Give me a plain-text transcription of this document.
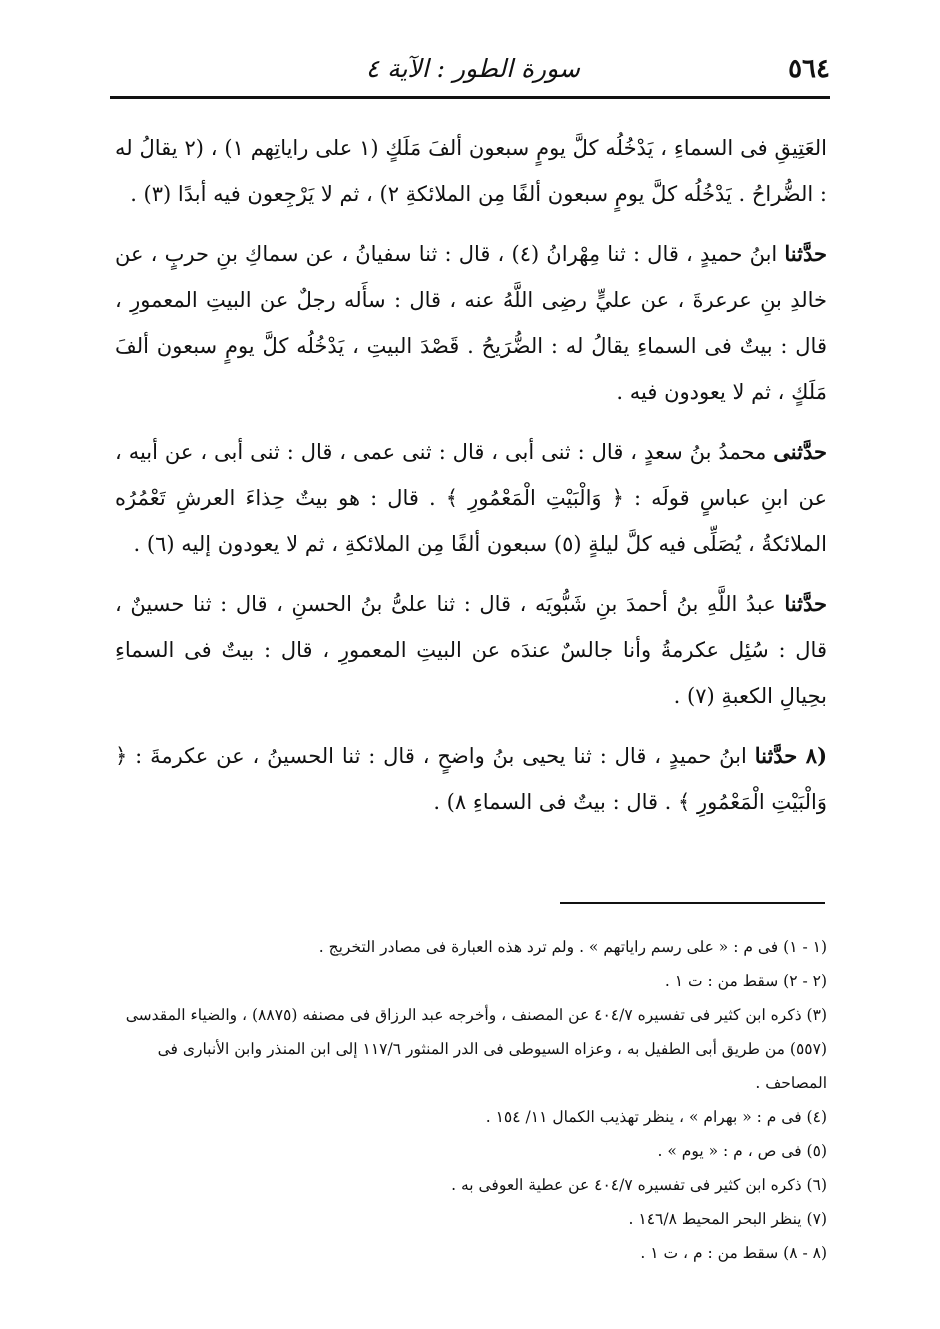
٥٦٤
سورة الطور : الآية ٤

العَتِيقِ فى السماءِ ، يَدْخُلُه كلَّ يومٍ سبعون ألفَ مَلَكٍ (١ على راياتِهم ١) ، (٢ يقالُ له : الضُّراحُ . يَدْخُلُه كلَّ يومٍ سبعون ألفًا مِن الملائكةِ ٢) ، ثم لا يَرْجِعون فيه أبدًا (٣) .

حدَّثنا ابنُ حميدٍ ، قال : ثنا مِهْرانُ (٤) ، قال : ثنا سفيانُ ، عن سماكِ بنِ حربٍ ، عن خالدِ بنِ عرعرةَ ، عن عليٍّ رضِى اللَّهُ عنه ، قال : سأَله رجلٌ عن البيتِ المعمورِ ، قال : بيتٌ فى السماءِ يقالُ له : الضُّرَيحُ . قَصْدَ البيتِ ، يَدْخُلُه كلَّ يومٍ سبعون ألفَ مَلَكٍ ، ثم لا يعودون فيه .

حدَّثنى محمدُ بنُ سعدٍ ، قال : ثنى أبى ، قال : ثنى عمى ، قال : ثنى أبى ، عن أبيه ، عن ابنِ عباسٍ قولَه : ﴿ وَالْبَيْتِ الْمَعْمُورِ ﴾ . قال : هو بيتٌ حِذاءَ العرشِ تَعْمُرُه الملائكةُ ، يُصَلِّى فيه كلَّ ليلةٍ (٥) سبعون ألفًا مِن الملائكةِ ، ثم لا يعودون إليه (٦) .

حدَّثنا عبدُ اللَّهِ بنُ أحمدَ بنِ شَبُّويَه ، قال : ثنا علىُّ بنُ الحسنِ ، قال : ثنا حسينٌ ، قال : سُئِل عكرمةُ وأنا جالسٌ عندَه عن البيتِ المعمورِ ، قال : بيتٌ فى السماءِ بحِيالِ الكعبةِ (٧) .

(٨ حدَّثنا ابنُ حميدٍ ، قال : ثنا يحيى بنُ واضحٍ ، قال : ثنا الحسينُ ، عن عكرمةَ : ﴿ وَالْبَيْتِ الْمَعْمُورِ ﴾ . قال : بيتٌ فى السماءِ ٨) .

(١ - ١) فى م : « على رسم راياتهم » . ولم ترد هذه العبارة فى مصادر التخريج .

(٢ - ٢) سقط من : ت ١ .

(٣) ذكره ابن كثير فى تفسيره ٤٠٤/٧ عن المصنف ، وأخرجه عبد الرزاق فى مصنفه (٨٨٧٥) ، والضياء المقدسى (٥٥٧) من طريق أبى الطفيل به ، وعزاه السيوطى فى الدر المنثور ١١٧/٦ إلى ابن المنذر وابن الأنبارى فى المصاحف .

(٤) فى م : « بهرام » ، ينظر تهذيب الكمال ١١/ ١٥٤ .

(٥) فى ص ، م : « يوم » .

(٦) ذكره ابن كثير فى تفسيره ٤٠٤/٧ عن عطية العوفى به .

(٧) ينظر البحر المحيط ١٤٦/٨ .

(٨ - ٨) سقط من : م ، ت ١ .
